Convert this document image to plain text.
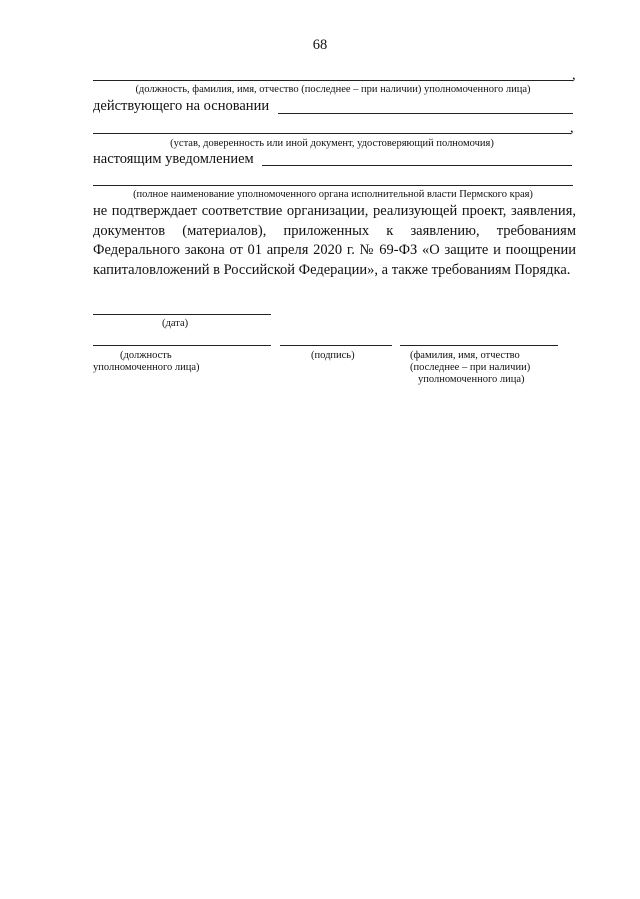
68
,
(должность, фамилия, имя, отчество (последнее – при наличии) уполномоченного лица)
действующего на основании
,
(устав, доверенность или иной документ, удостоверяющий полномочия)
настоящим уведомлением
(полное наименование уполномоченного органа исполнительной власти Пермского края)
не подтверждает соответствие организации, реализующей проект, заявления, документов (материалов), приложенных к заявлению, требованиям Федерального закона от 01 апреля 2020 г. № 69-ФЗ «О защите и поощрении капиталовложений в Российской Федерации», а также требованиям Порядка.
(дата)
(должность
уполномоченного лица)
(подпись)	(фамилия, имя, отчество
(последнее – при наличии)
уполномоченного лица)
